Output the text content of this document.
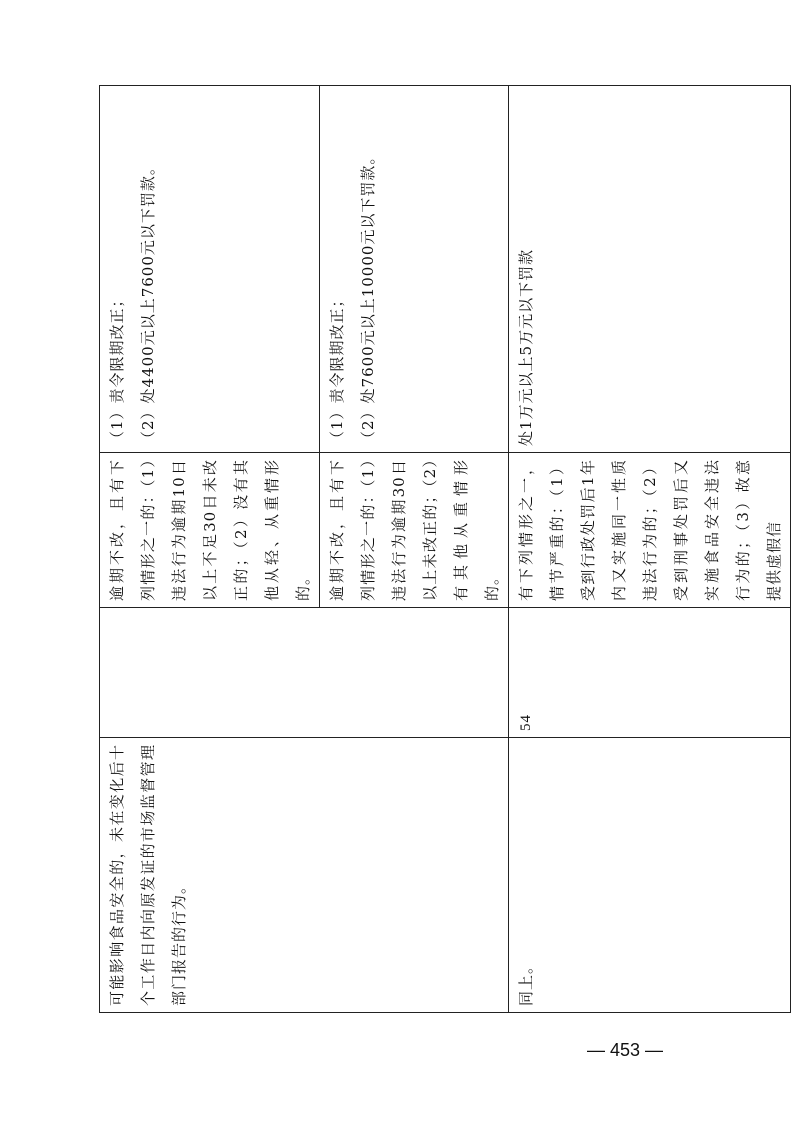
可能影响食品安全的，未在变化后十个工作日内向原发证的市场监督管理部门报告的行为。		逾期不改，且有下列情形之一的：（1）违法行为逾期10日以上不足30日未改正的；（2）没有其他从轻、从重情形的。	（1）责令限期改正； （2）处4400元以上7600元以下罚款。

		逾期不改，且有下列情形之一的：（1）违法行为逾期30日以上未改正的；（2）有其他从重情形的。	（1）责令限期改正； （2）处7600元以上10000元以下罚款。

同上。	54	有下列情形之一，情节严重的：（1）受到行政处罚后1年内又实施同一性质违法行为的；（2）受到刑事处罚后又实施食品安全违法行为的；（3）故意提供虚假信	处1万元以上5万元以下罚款
— 453 —
